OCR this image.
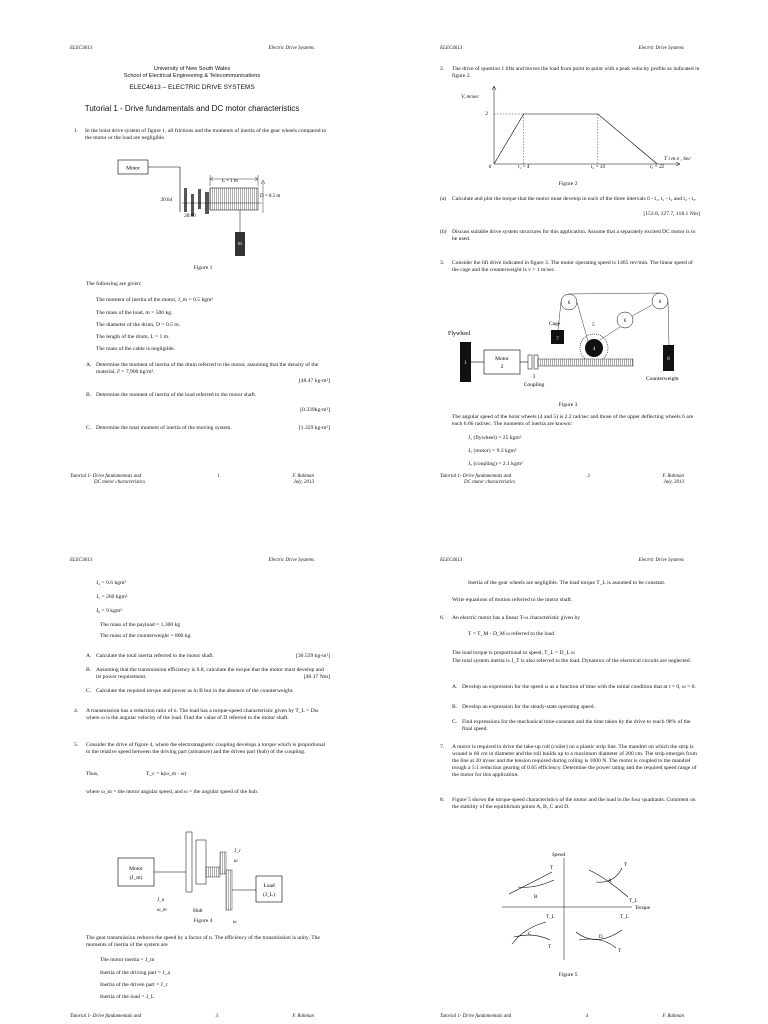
ELEC4613	Electric Drive Systems
University of New South Wales
School of Electrical Engineering & Telecommunications
ELEC4613 – ELECTRIC DRIVE SYSTEMS
Tutorial 1 - Drive fundamentals and DC motor characteristics
1. In the hoist drive system of figure 1, all frictions and the moments of inertia of the gear wheels compared to the motor or the load are negligible.
Motor
L = 1 m
D = 0.5 m
20:64
20:60
m
Figure 1
The following are given:
The moment of inertia of the motor, J_m = 0.5 kgm²
The mass of the load, m = 500 kg.
The diameter of the drum, D = 0.5 m.
The length of the drum, L = 1 m.
The mass of the cable is negligible.
A. Determine the moment of inertia of the drum referred to the motor, assuming that the density of the material, ∂ = 7,900 kg/m³.
[48.47 kg-m²]
B. Determine the moment of inertia of the load referred to the motor shaft.
[0.339kg-m²]
C. Determine the total moment of inertia of the moving system.	[1.359 kg-m²]
Tutorial 1- Drive fundamentals and
DC motor characteristics
1	F. Rahman
July, 2013
ELEC4613	Electric Drive Systems
2. The drive of question 1 lifts and moves the load from point to point with a peak velocity profile as indicated in figure 2.
V, m/sec
2
0	t₁ = 4	t₂ = 14	t₃ = 22
T i m e , Sec
Figure 2
(a) Calculate and plot the torque that the motor must develop in each of the three intervals 0 - t₁, t₁ - t₂ and t₂ - t₃.
[153.8, 127.7, 118.1 Nm]
(b) Discuss suitable drive system structures for this application. Assume that a separately excited DC motor is to be used.
3. Consider the lift drive indicated in figure 3. The motor operating speed is 1465 rev/min. The linear speed of the cage and the counterweight is v = 1 m/sec.
6	6
6
Cage
7
5
4
Flywheel
1
Motor
2
3
Coupling
8
Counterweight
Figure 3
The angular speed of the hoist wheels (4 and 5) is 2.2 rad/sec and those of the upper deflecting wheels 6 are each 6.66 rad/sec. The moments of inertia are known:
J₁ (flywheel) = 25 kgm²
J₂ (motor) = 9.3 kgm²
J₃ (coupling) = 2.1 kgm²
Tutorial 1- Drive fundamentals and
DC motor characteristics
2	F. Rahman
July, 2013
ELEC4613	Electric Drive Systems
J₄ = 0.6 kgm²
J₅ = 260 kgm²
J₆ = 9 kgm²
The mass of the payload = 1,300 kg
The mass of the counterweight = 800 kg.
A. Calculate the total inertia referred to the motor shaft.	[36.539 kg-m²]
B. Assuming that the transmission efficiency is 0.8, calculate the torque that the motor must develop and its power requirement.	[40.17 Nm]
C. Calculate the required torque and power as in B but in the absence of the counterweight.
4. A transmission has a reduction ratio of n. The load has a torque-speed characteristic given by T_L = Dω where ω is the angular velocity of the load. Find the value of D referred to the motor shaft.
5. Consider the drive of figure 4, where the electromagnetic coupling develops a torque which is proportional to the relative speed between the driving part (armature) and the driven part (hub) of the coupling.
Thus,	T_c = k(ω_m - ω)
where ω_m = the motor angular speed, and ω = the angular speed of the hub.
Motor
(J_m)
Load
(J_L)
J_a
ω_m	Hub
J_r
ω
ω
Figure 4
The gear transmission reduces the speed by a factor of n. The efficiency of the transmission is unity. The moments of inertia of the system are
The motor inertia = J_m
Inertia of the driving part = J_a
Inertia of the driven part = J_r
Inertia of the load = J_L
Tutorial 1- Drive fundamentals and	3	F. Rahman
ELEC4613	Electric Drive Systems
Inertia of the gear wheels are negligible. The load torque T_L is assumed to be constant.
Write equations of motion referred to the motor shaft.
6. An electric motor has a linear T-ω characteristic given by
T = T_M - D_M ω referred to the load.
The load torque is proportional to speed, T_L = D_L ω
The total system inertia is J_T is also referred to the load. Dynamics of the electrical circuits are neglected.
A. Develop an expression for the speed ω as a function of time with the initial condition that at t = 0, ω = 0.
B. Develop an expression for the steady-state operating speed.
C. Find expressions for the mechanical time-constant and the time taken by the drive to reach 98% of the final speed.
7. A motor is required to drive the take-up roll (coiler) on a plastic strip line. The mandrel on which the strip is wound is 60 cm in diameter and the roll builds up to a maximum diameter of 200 cm. The strip emerges from the line at 20 m/sec and the tension required during rolling is 1000 N. The motor is coupled to the mandrel trough a 5:1 reduction gearing of 0.65 efficiency. Determine the power rating and the required speed range of the motor for this application.
8. Figure 5 shows the torque-speed characteristics of the motor and the load in the four quadrants. Comment on the stability of the equilibrium points A, B, C and D.
Speed
Torque
T
T_L
A
T
B
T_L
T
C
D
T_L
T
Figure 5
Tutorial 1- Drive fundamentals and	4	F. Rahman
